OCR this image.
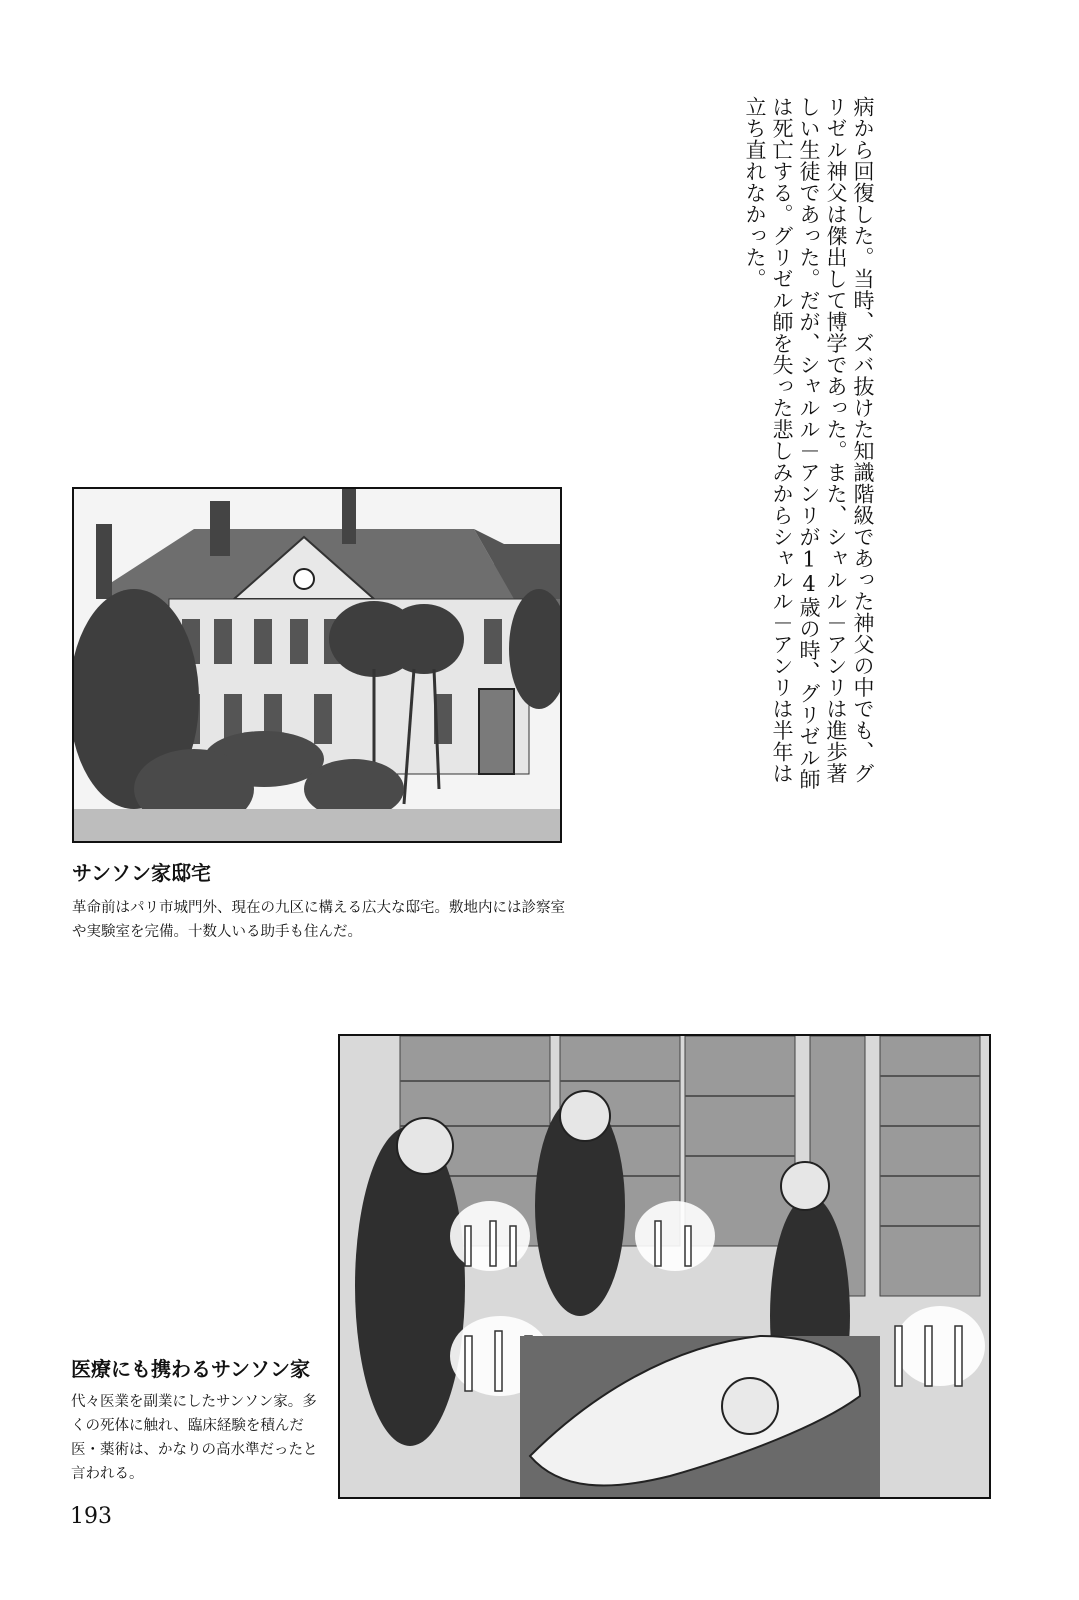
病から回復した。当時、ズバ抜けた知識階級であった神父の中でも、グリゼル神父は傑出して博学であった。また、シャルル－アンリは進歩著しい生徒であった。だが、シャルル－アンリが14歳の時、グリゼル師は死亡する。グリゼル師を失った悲しみからシャルル－アンリは半年は立ち直れなかった。

サンソン家邸宅

革命前はパリ市城門外、現在の九区に構える広大な邸宅。敷地内には診察室や実験室を完備。十数人いる助手も住んだ。

医療にも携わるサンソン家

代々医業を副業にしたサンソン家。多くの死体に触れ、臨床経験を積んだ医・薬術は、かなりの高水準だったと言われる。

193
